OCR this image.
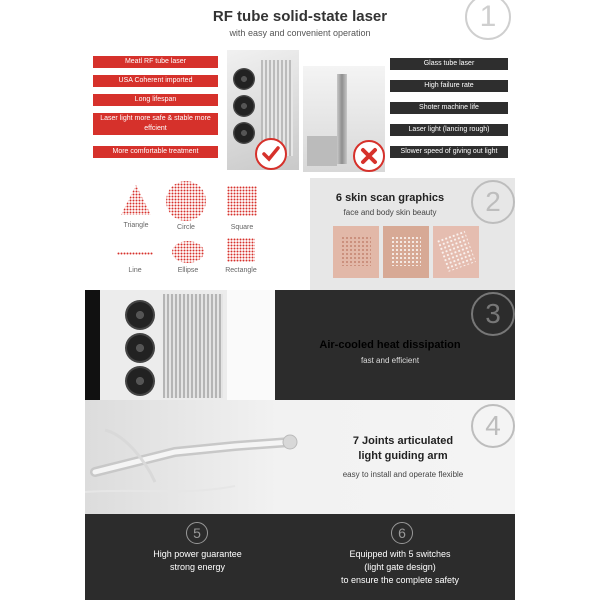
RF tube solid-state laser
with easy and convenient operation	1
Meatl RF tube laser
USA Coherent imported
Long lifespan
Laser light more safe & stable more effcient
More comfortable treatment
Glass tube laser
High failure rate
Shoter machine life
Laser light (lancing rough)
Slower speed of giving out light
Triangle	Circle	Square
Line	Ellipse	Rectangle
6 skin scan graphics
face and body skin beauty	2
Air-cooled heat dissipation
fast and efficient
3
7 Joints articulated
light guiding arm
easy to install and operate flexible
4
5
High power guarantee
strong energy
6
Equipped with 5 switches
(light gate design)
to ensure the complete safety
